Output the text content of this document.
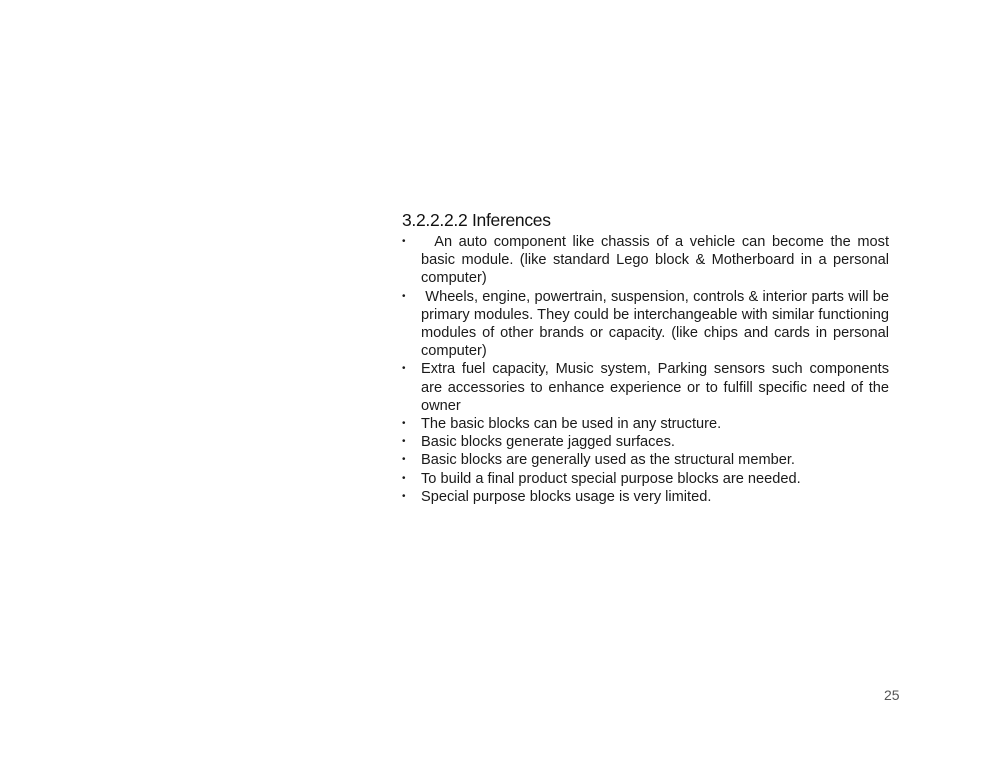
3.2.2.2.2 Inferences
•	An auto component like chassis of a vehicle can become the most basic module. (like standard Lego block & Motherboard in a personal computer)
•	Wheels, engine, powertrain, suspension, controls & interior parts will be primary modules. They could be interchangeable with similar functioning modules of other brands or capacity. (like chips and cards in personal computer)
•	Extra fuel capacity, Music system, Parking sensors such components are accessories to enhance experience or to fulfill specific need of the owner
•	The basic blocks can be used in any structure.
•	Basic blocks generate jagged surfaces.
•	Basic blocks are generally used as the structural member.
•	To build a final product special purpose blocks are needed.
•	Special purpose blocks usage is very limited.
25
